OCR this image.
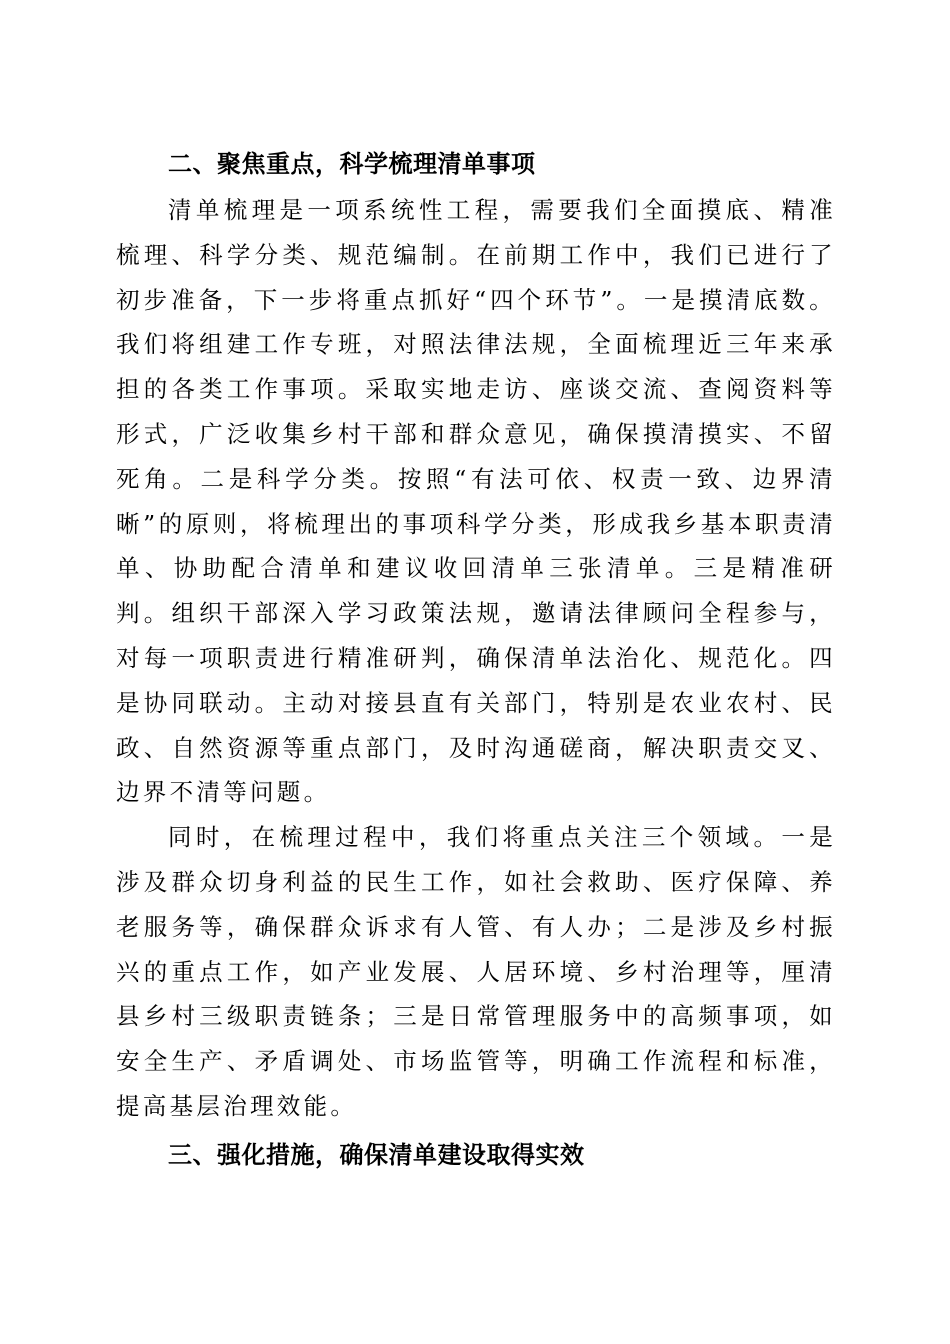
二、聚焦重点，科学梳理清单事项

清单梳理是一项系统性工程，需要我们全面摸底、精准梳理、科学分类、规范编制。在前期工作中，我们已进行了初步准备，下一步将重点抓好“四个环节”。一是摸清底数。我们将组建工作专班，对照法律法规，全面梳理近三年来承担的各类工作事项。采取实地走访、座谈交流、查阅资料等形式，广泛收集乡村干部和群众意见，确保摸清摸实、不留死角。二是科学分类。按照“有法可依、权责一致、边界清晰”的原则，将梳理出的事项科学分类，形成我乡基本职责清单、协助配合清单和建议收回清单三张清单。三是精准研判。组织干部深入学习政策法规，邀请法律顾问全程参与，对每一项职责进行精准研判，确保清单法治化、规范化。四是协同联动。主动对接县直有关部门，特别是农业农村、民政、自然资源等重点部门，及时沟通磋商，解决职责交叉、边界不清等问题。

同时，在梳理过程中，我们将重点关注三个领域。一是涉及群众切身利益的民生工作，如社会救助、医疗保障、养老服务等，确保群众诉求有人管、有人办；二是涉及乡村振兴的重点工作，如产业发展、人居环境、乡村治理等，厘清县乡村三级职责链条；三是日常管理服务中的高频事项，如安全生产、矛盾调处、市场监管等，明确工作流程和标准，提高基层治理效能。

三、强化措施，确保清单建设取得实效
